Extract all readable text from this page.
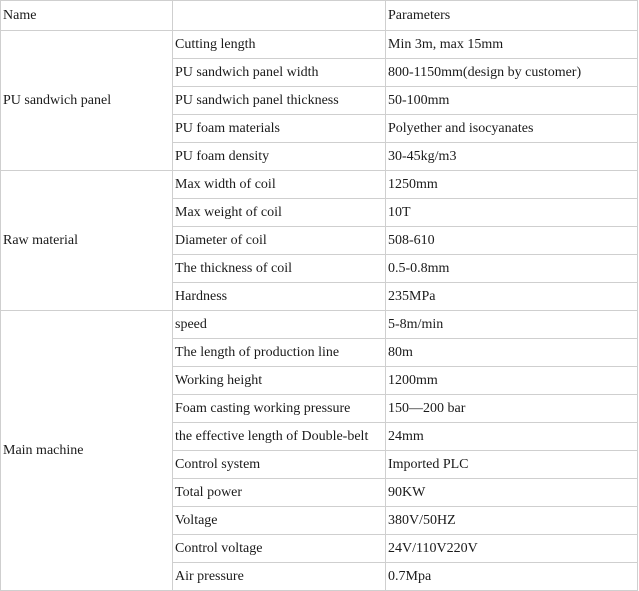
Name		Parameters
PU sandwich panel	Cutting length	Min 3m, max 15mm
	PU sandwich panel width	800-1150mm(design by customer)
	PU sandwich panel thickness	50-100mm
	PU foam materials	Polyether and isocyanates
	PU foam density	30-45kg/m3
Raw material	Max width of coil	1250mm
	Max weight of coil	10T
	Diameter of coil	508-610
	The thickness of coil	0.5-0.8mm
	Hardness	235MPa
Main machine	speed	5-8m/min
	The length of production line	80m
	Working height	1200mm
	Foam casting working pressure	150—200 bar
	the effective length of Double-belt	24mm
	Control system	Imported PLC
	Total power	90KW
	Voltage	380V/50HZ
	Control voltage	24V/110V220V
	Air pressure	0.7Mpa
